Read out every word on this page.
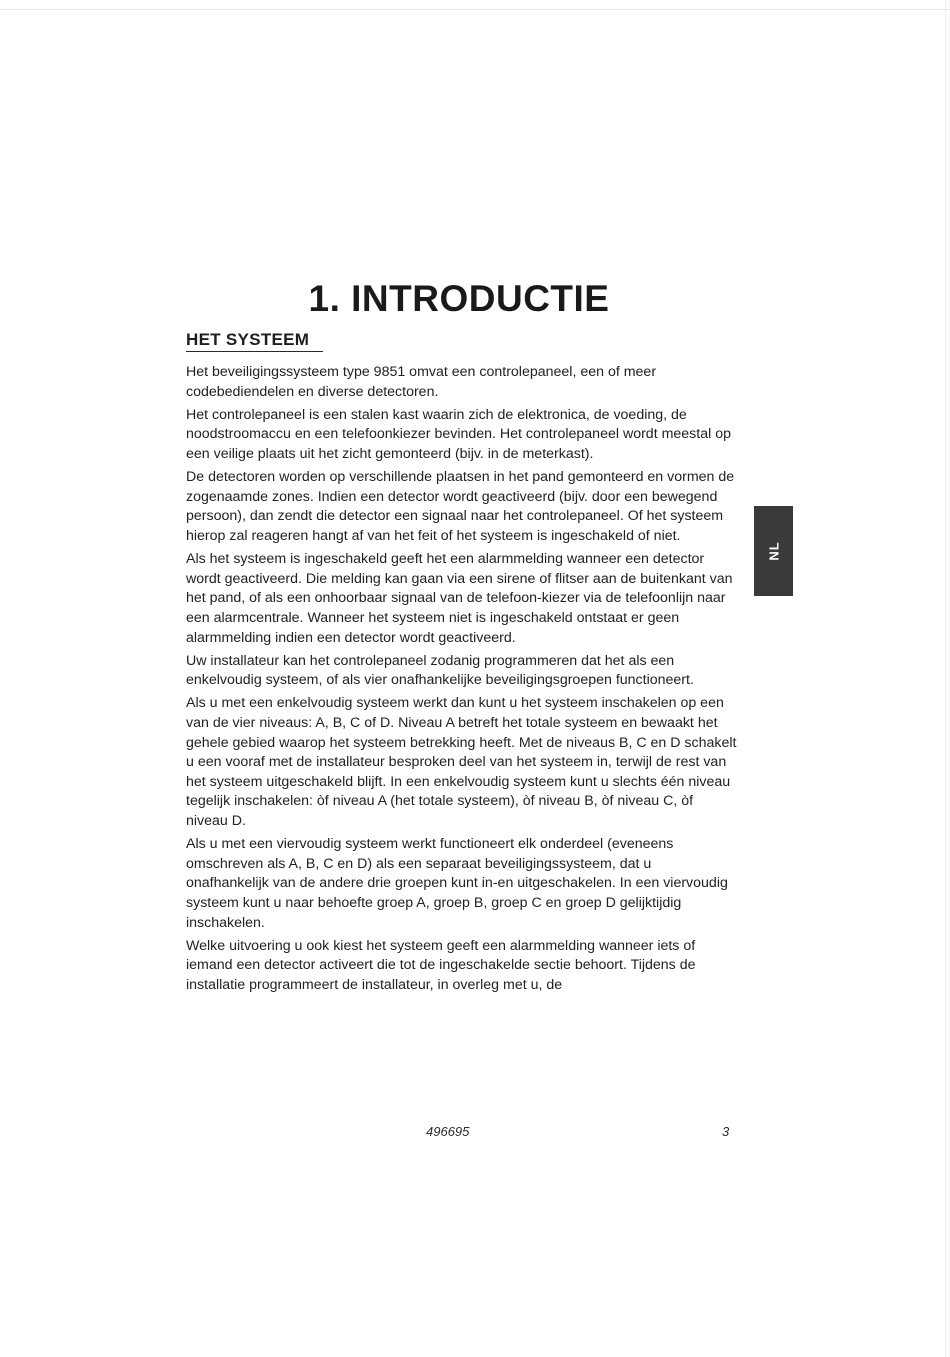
1. INTRODUCTIE
HET SYSTEEM

Het beveiligingssysteem type 9851 omvat een controlepaneel, een of meer codebediendelen en diverse detectoren.

Het controlepaneel is een stalen kast waarin zich de elektronica, de voeding, de noodstroomaccu en een telefoonkiezer bevinden. Het controlepaneel wordt meestal op een veilige plaats uit het zicht gemonteerd (bijv. in de meterkast).

De detectoren worden op verschillende plaatsen in het pand gemonteerd en vormen de zogenaamde zones. Indien een detector wordt geactiveerd (bijv. door een bewegend persoon), dan zendt die detector een signaal naar het controlepaneel. Of het systeem hierop zal reageren hangt af van het feit of het systeem is ingeschakeld of niet.

Als het systeem is ingeschakeld geeft het een alarmmelding wanneer een detector wordt geactiveerd. Die melding kan gaan via een sirene of flitser aan de buitenkant van het pand, of als een onhoorbaar signaal van de telefoon-kiezer via de telefoonlijn naar een alarmcentrale. Wanneer het systeem niet is ingeschakeld ontstaat er geen alarmmelding indien een detector wordt geactiveerd.

Uw installateur kan het controlepaneel zodanig programmeren dat het als een enkelvoudig systeem, of als vier onafhankelijke beveiligingsgroepen functioneert.

Als u met een enkelvoudig systeem werkt dan kunt u het systeem inschakelen op een van de vier niveaus: A, B, C of D. Niveau A betreft het totale systeem en bewaakt het gehele gebied waarop het systeem betrekking heeft. Met de niveaus B, C en D schakelt u een vooraf met de installateur besproken deel van het systeem in, terwijl de rest van het systeem uitgeschakeld blijft. In een enkelvoudig systeem kunt u slechts één niveau tegelijk inschakelen: òf niveau A (het totale systeem), òf niveau B, òf niveau C, òf niveau D.

Als u met een viervoudig systeem werkt functioneert elk onderdeel (eveneens omschreven als A, B, C en D) als een separaat beveiligingssysteem, dat u onafhankelijk van de andere drie groepen kunt in-en uitgeschakelen. In een viervoudig systeem kunt u naar behoefte groep A, groep B, groep C en groep D gelijktijdig inschakelen.

Welke uitvoering u ook kiest het systeem geeft een alarmmelding wanneer iets of iemand een detector activeert die tot de ingeschakelde sectie behoort. Tijdens de installatie programmeert de installateur, in overleg met u, de

NL
496695	3
